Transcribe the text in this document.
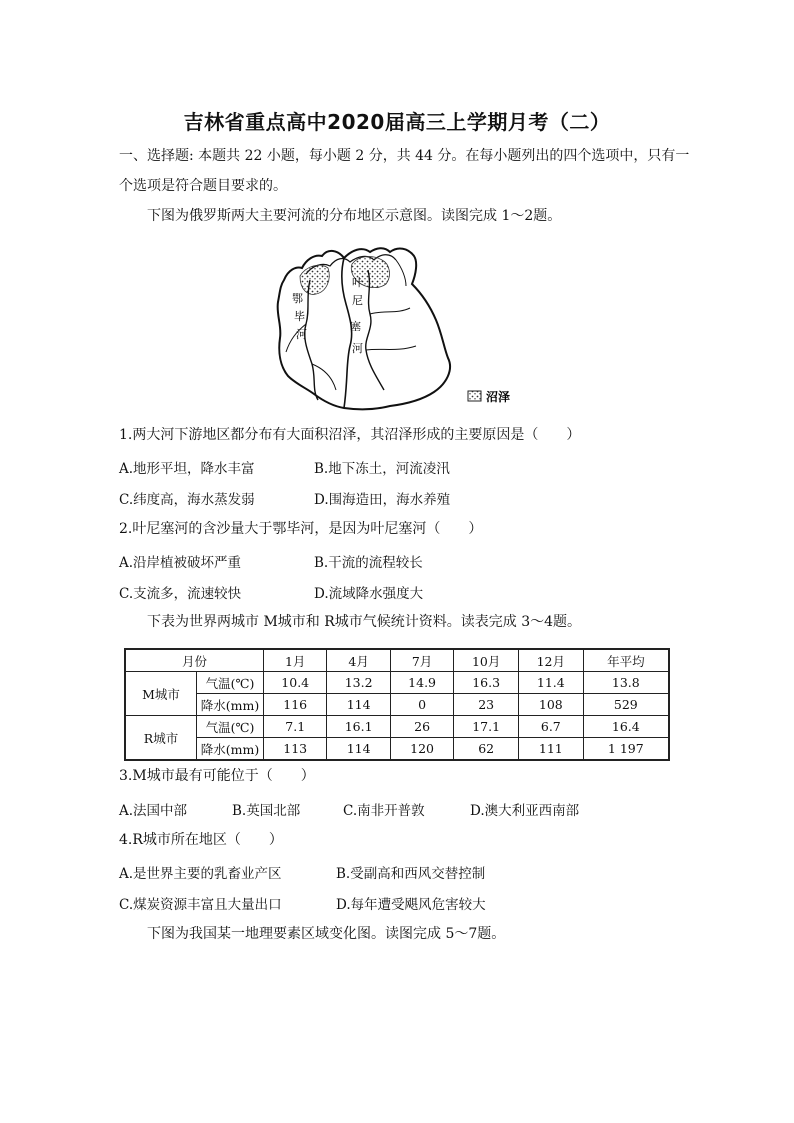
吉林省重点高中2020届高三上学期月考（二）
一、选择题: 本题共 22 小题，每小题 2 分，共 44 分。在每小题列出的四个选项中，只有一
个选项是符合题目要求的。
下图为俄罗斯两大主要河流的分布地区示意图。读图完成 1～2题。
鄂
毕
河
叶
尼
塞
河
沼泽
1.两大河下游地区都分布有大面积沼泽，其沼泽形成的主要原因是（　　）
A.地形平坦，降水丰富	B.地下冻土，河流凌汛
C.纬度高，海水蒸发弱	D.围海造田，海水养殖
2.叶尼塞河的含沙量大于鄂毕河，是因为叶尼塞河（　　）
A.沿岸植被破坏严重	B.干流的流程较长
C.支流多，流速较快	D.流域降水强度大
下表为世界两城市 M城市和 R城市气候统计资料。读表完成 3～4题。
月份		1月	4月	7月	10月	12月	年平均
M城市	气温(℃)	10.4	13.2	14.9	16.3	11.4	13.8
	降水(mm)	116	114	0	23	108	529
R城市	气温(℃)	7.1	16.1	26	17.1	6.7	16.4
	降水(mm)	113	114	120	62	111	1 197
3.M城市最有可能位于（　　）
A.法国中部	B.英国北部	C.南非开普敦	D.澳大利亚西南部
4.R城市所在地区（　　）
A.是世界主要的乳畜业产区	B.受副高和西风交替控制
C.煤炭资源丰富且大量出口	D.每年遭受飓风危害较大
下图为我国某一地理要素区域变化图。读图完成 5～7题。
